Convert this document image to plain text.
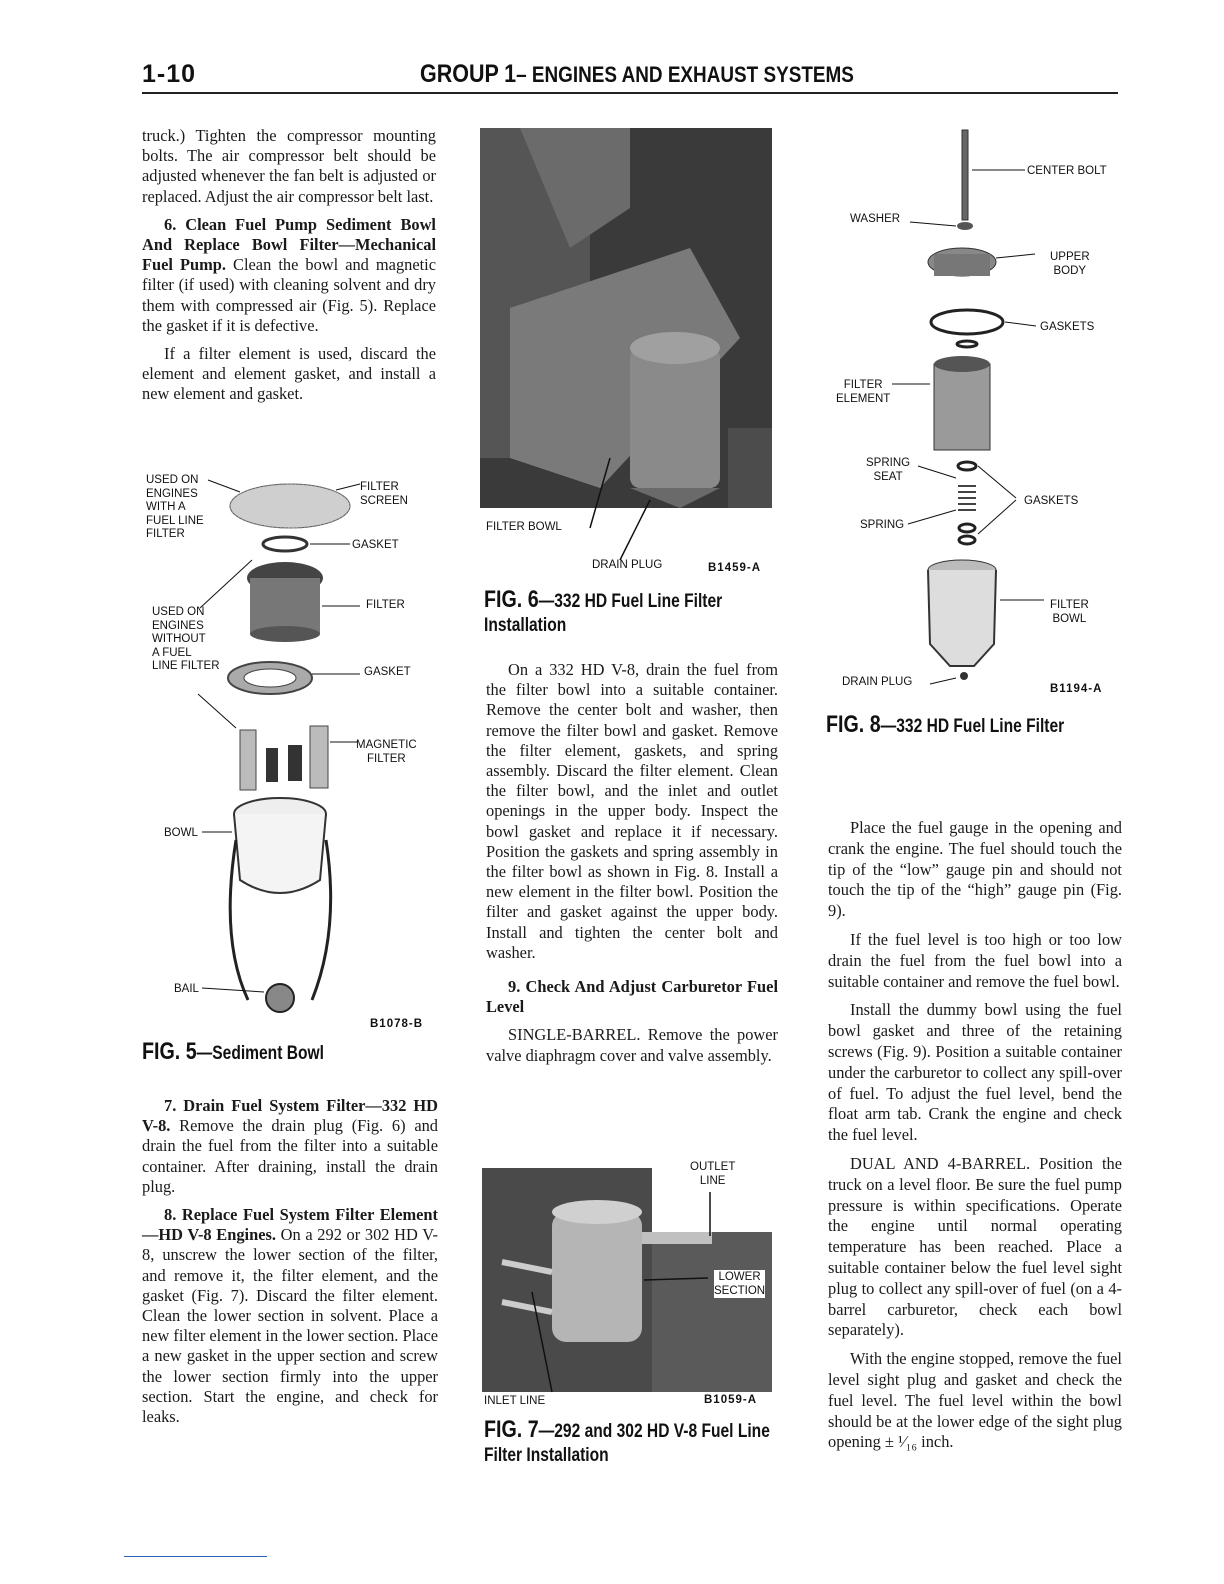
1-10	GROUP 1– ENGINES AND EXHAUST SYSTEMS

truck.) Tighten the compressor mounting bolts. The air compressor belt should be adjusted whenever the fan belt is adjusted or replaced. Adjust the air compressor belt last.

6. Clean Fuel Pump Sediment Bowl And Replace Bowl Filter—Mechanical Fuel Pump. Clean the bowl and magnetic filter (if used) with cleaning solvent and dry them with compressed air (Fig. 5). Replace the gasket if it is defective.

If a filter element is used, discard the element and element gasket, and install a new element and gasket.

USED ON
ENGINES
WITH A
FUEL LINE
FILTER
FILTER
SCREEN
GASKET
USED ON
ENGINES
WITHOUT
A FUEL
LINE FILTER
FILTER
GASKET
MAGNETIC
FILTER
BOWL
BAIL
B1078-B
FIG. 5—Sediment Bowl

7. Drain Fuel System Filter—332 HD V-8. Remove the drain plug (Fig. 6) and drain the fuel from the filter into a suitable container. After draining, install the drain plug.

8. Replace Fuel System Filter Element—HD V-8 Engines. On a 292 or 302 HD V-8, unscrew the lower section of the filter, and remove it, the filter element, and the gasket (Fig. 7). Discard the filter element. Clean the lower section in solvent. Place a new filter element in the lower section. Place a new gasket in the upper section and screw the lower section firmly into the upper section. Start the engine, and check for leaks.

FILTER BOWL
DRAIN PLUG	B1459-A
FIG. 6—332 HD Fuel Line Filter Installation

On a 332 HD V-8, drain the fuel from the filter bowl into a suitable container. Remove the center bolt and washer, then remove the filter bowl and gasket. Remove the filter element, gaskets, and spring assembly. Discard the filter element. Clean the filter bowl, and the inlet and outlet openings in the upper body. Inspect the bowl gasket and replace it if necessary. Position the gaskets and spring assembly in the filter bowl as shown in Fig. 8. Install a new element in the filter bowl. Position the filter and gasket against the upper body. Install and tighten the center bolt and washer.

9. Check And Adjust Carburetor Fuel Level

SINGLE-BARREL. Remove the power valve diaphragm cover and valve assembly.

OUTLET
LINE
LOWER
SECTION
INLET LINE	B1059-A
FIG. 7—292 and 302 HD V-8 Fuel Line Filter Installation
CENTER BOLT
WASHER
UPPER
BODY
GASKETS
FILTER
ELEMENT
SPRING
SEAT
GASKETS
SPRING
FILTER
BOWL
DRAIN PLUG
B1194-A
FIG. 8—332 HD Fuel Line Filter

Place the fuel gauge in the opening and crank the engine. The fuel should touch the tip of the “low” gauge pin and should not touch the tip of the “high” gauge pin (Fig. 9).

If the fuel level is too high or too low drain the fuel from the fuel bowl into a suitable container and remove the fuel bowl.

Install the dummy bowl using the fuel bowl gasket and three of the retaining screws (Fig. 9). Position a suitable container under the carburetor to collect any spill-over of fuel. To adjust the fuel level, bend the float arm tab. Crank the engine and check the fuel level.

DUAL AND 4-BARREL. Position the truck on a level floor. Be sure the fuel pump pressure is within specifications. Operate the engine until normal operating temperature has been reached. Place a suitable container below the fuel level sight plug to collect any spill-over of fuel (on a 4-barrel carburetor, check each bowl separately).

With the engine stopped, remove the fuel level sight plug and gasket and check the fuel level. The fuel level within the bowl should be at the lower edge of the sight plug opening ± ¹⁄₁₆ inch.
